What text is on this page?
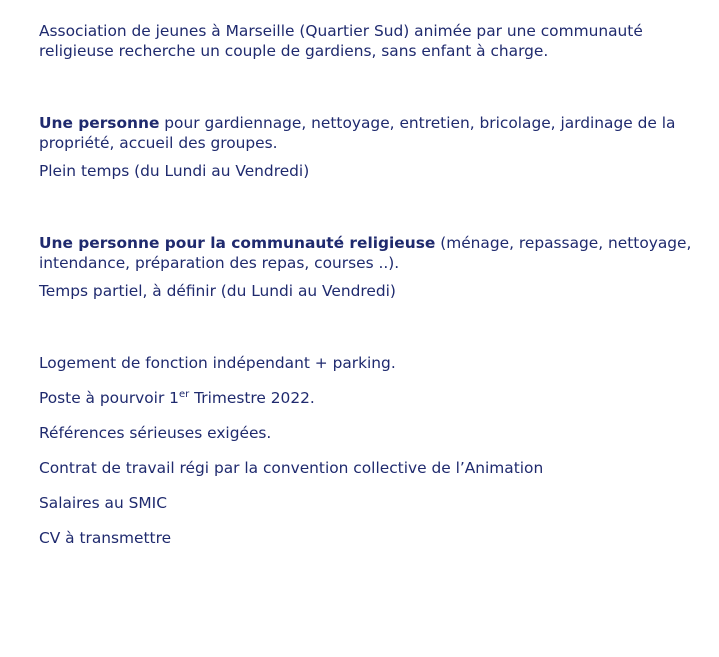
Association de jeunes à Marseille (Quartier Sud) animée par une communauté religieuse recherche un couple de gardiens, sans enfant à charge.

Une personne pour gardiennage, nettoyage, entretien, bricolage, jardinage de la propriété, accueil des groupes.

Plein temps (du Lundi au Vendredi)

Une personne pour la communauté religieuse (ménage, repassage, nettoyage, intendance, préparation des repas, courses ..).

Temps partiel, à définir (du Lundi au Vendredi)

Logement de fonction indépendant + parking.

Poste à pourvoir 1er Trimestre 2022.

Références sérieuses exigées.

Contrat de travail régi par la convention collective de l’Animation

Salaires au SMIC

CV à transmettre
